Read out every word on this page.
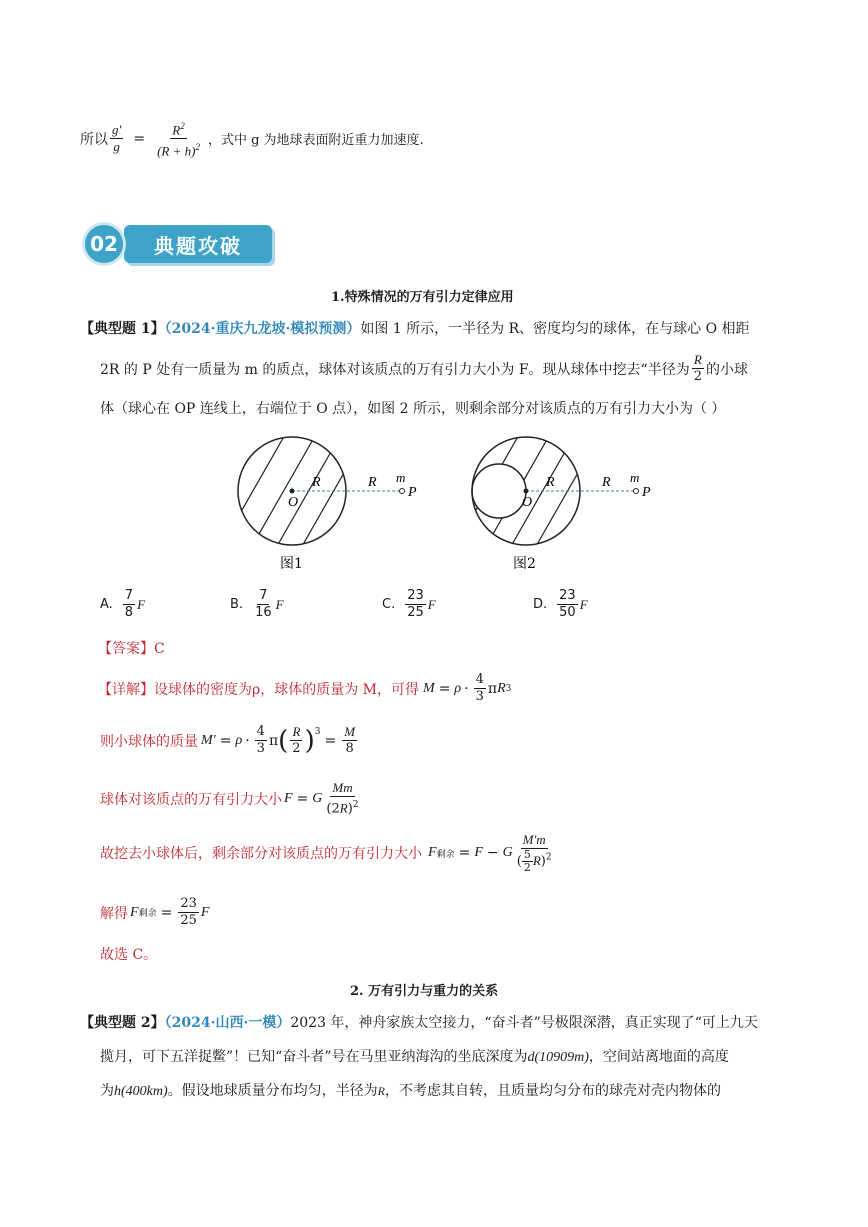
所以 $\frac{g'}{g} = \frac{R^2}{(R + h)^2}$ ，式中 g 为地球表面附近重力加速度.
02	典题攻破
1.特殊情况的万有引力定律应用
【典型题 1】（2024·重庆九龙坡·模拟预测）如图 1 所示，一半径为 R、密度均匀的球体，在与球心 O 相距
2R 的 P 处有一质量为 m 的质点，球体对该质点的万有引力大小为 F。现从球体中挖去“半径为 $\frac{R}{2}$ 的小球
体（球心在 OP 连线上，右端位于 O 点），如图 2 所示，则剩余部分对该质点的万有引力大小为（ ）
O
R	R m
P
O
R	R m
P
图1	图2
A. $\frac{7}{8}$ F	B. $\frac{7}{16}$ F	C. $\frac{23}{25}$ F	D. $\frac{23}{50}$ F
【答案】C
【详解】 设球体的密度为ρ，球体的质量为 M，可得 $M = \rho \cdot \frac{4}{3}$ π R 3
则小球体的质量 $M' = \rho \cdot \frac{4}{3}$ π ( $\frac{R}{2}$ ) 3
= $\frac{M}{8}$
球体对该质点的万有引力大小 F = G $\frac{Mm}{(2R)^2}$
故挖去小球体后，剩余部分对该质点的万有引力大小 F 剩余 = F − G $\frac{M'm}{( \frac{5}{2} R)^2}$
解得 F 剩余 = $\frac{23}{25}$ F
故选 C。
2. 万有引力与重力的关系
【典型题 2】（2024·山西·一模）2023 年，神舟家族太空接力，“奋斗者”号极限深潜，真正实现了“可上九天
揽月，可下五洋捉鳖”！已知“奋斗者”号在马里亚纳海沟的坐底深度为d(10909m)，空间站离地面的高度
为h(400km)。假设地球质量分布均匀，半径为R，不考虑其自转，且质量均匀分布的球壳对壳内物体的
